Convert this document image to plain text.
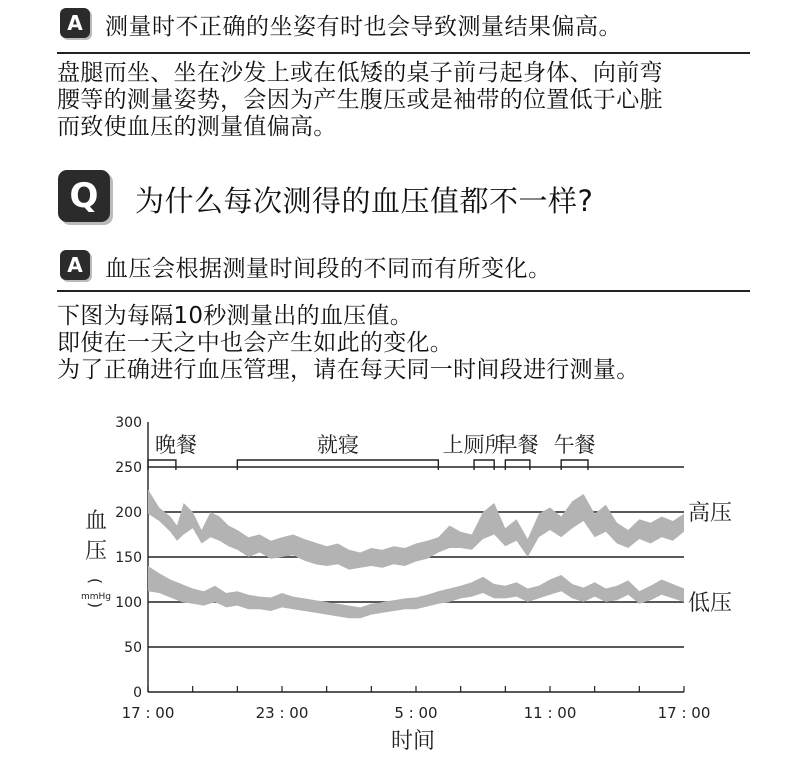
A 测量时不正确的坐姿有时也会导致测量结果偏高。
盘腿而坐、坐在沙发上或在低矮的桌子前弓起身体、向前弯
腰等的测量姿势，会因为产生腹压或是袖带的位置低于心脏
而致使血压的测量值偏高。
Q	为什么每次测得的血压值都不一样?
A 血压会根据测量时间段的不同而有所变化。
下图为每隔10秒测量出的血压值。
即使在一天之中也会产生如此的变化。
为了正确进行血压管理，请在每天同一时间段进行测量。
0
50
100
150
200
250
300
17 : 00	23 : 00	5 : 00	11 : 00	17 : 00
时间
血
压
(
mmHg
)
高压
低压
晚餐	就寝	上厕所
早餐 午餐
